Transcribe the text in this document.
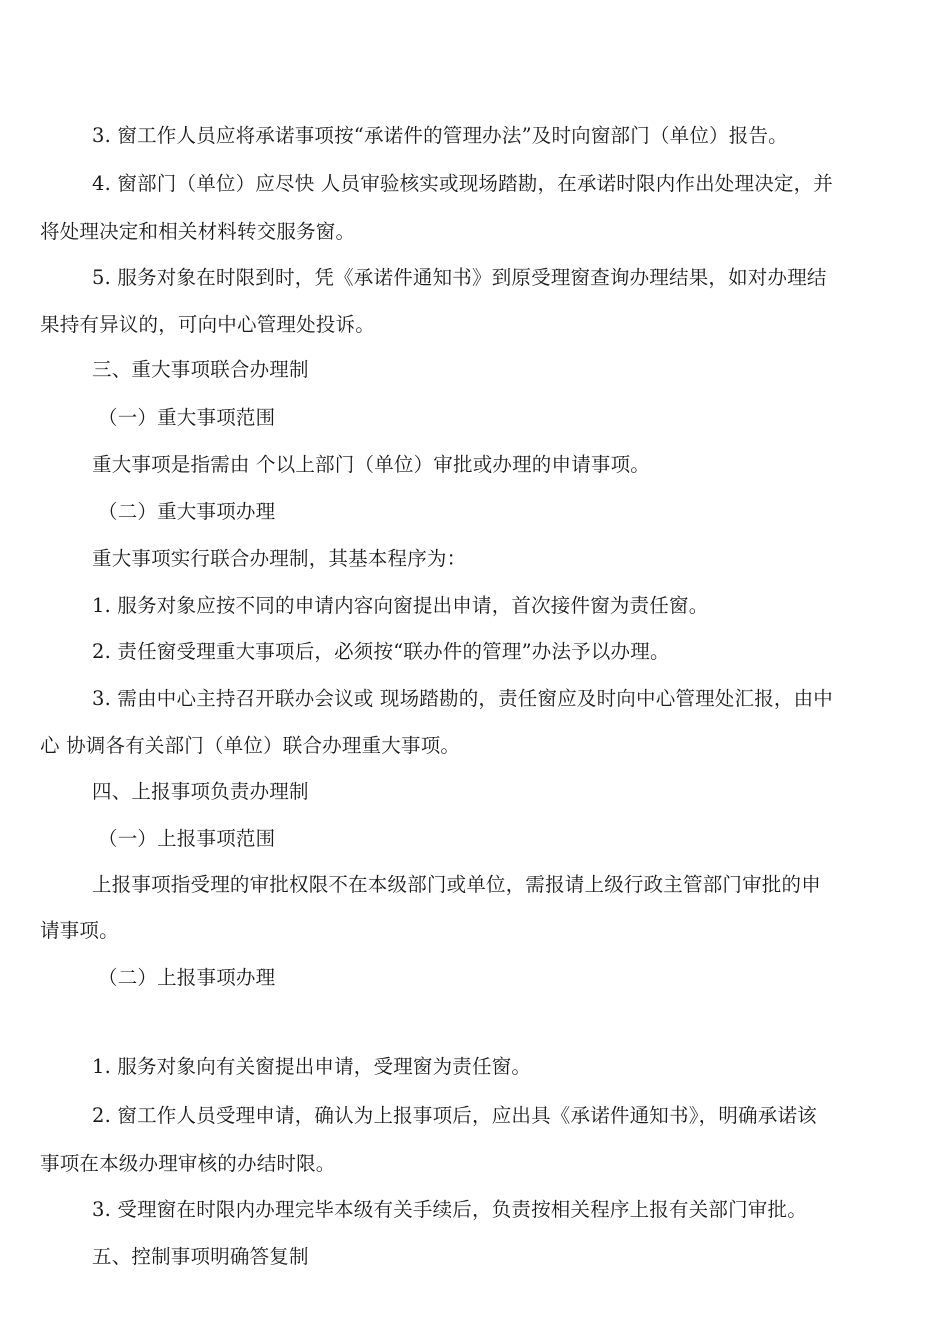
3. 窗工作人员应将承诺事项按“承诺件的管理办法”及时向窗部门（单位）报告。
4. 窗部门（单位）应尽快 人员审验核实或现场踏勘，在承诺时限内作出处理决定，并
将处理决定和相关材料转交服务窗。
5. 服务对象在时限到时，凭《承诺件通知书》到原受理窗查询办理结果，如对办理结
果持有异议的，可向中心管理处投诉。
三、重大事项联合办理制
（一）重大事项范围
重大事项是指需由 个以上部门（单位）审批或办理的申请事项。
（二）重大事项办理
重大事项实行联合办理制，其基本程序为：
1. 服务对象应按不同的申请内容向窗提出申请，首次接件窗为责任窗。
2. 责任窗受理重大事项后，必须按“联办件的管理”办法予以办理。
3. 需由中心主持召开联办会议或 现场踏勘的，责任窗应及时向中心管理处汇报，由中
心 协调各有关部门（单位）联合办理重大事项。
四、上报事项负责办理制
（一）上报事项范围
上报事项指受理的审批权限不在本级部门或单位，需报请上级行政主管部门审批的申
请事项。
（二）上报事项办理
1. 服务对象向有关窗提出申请，受理窗为责任窗。
2. 窗工作人员受理申请，确认为上报事项后，应出具《承诺件通知书》，明确承诺该
事项在本级办理审核的办结时限。
3. 受理窗在时限内办理完毕本级有关手续后，负责按相关程序上报有关部门审批。
五、控制事项明确答复制
